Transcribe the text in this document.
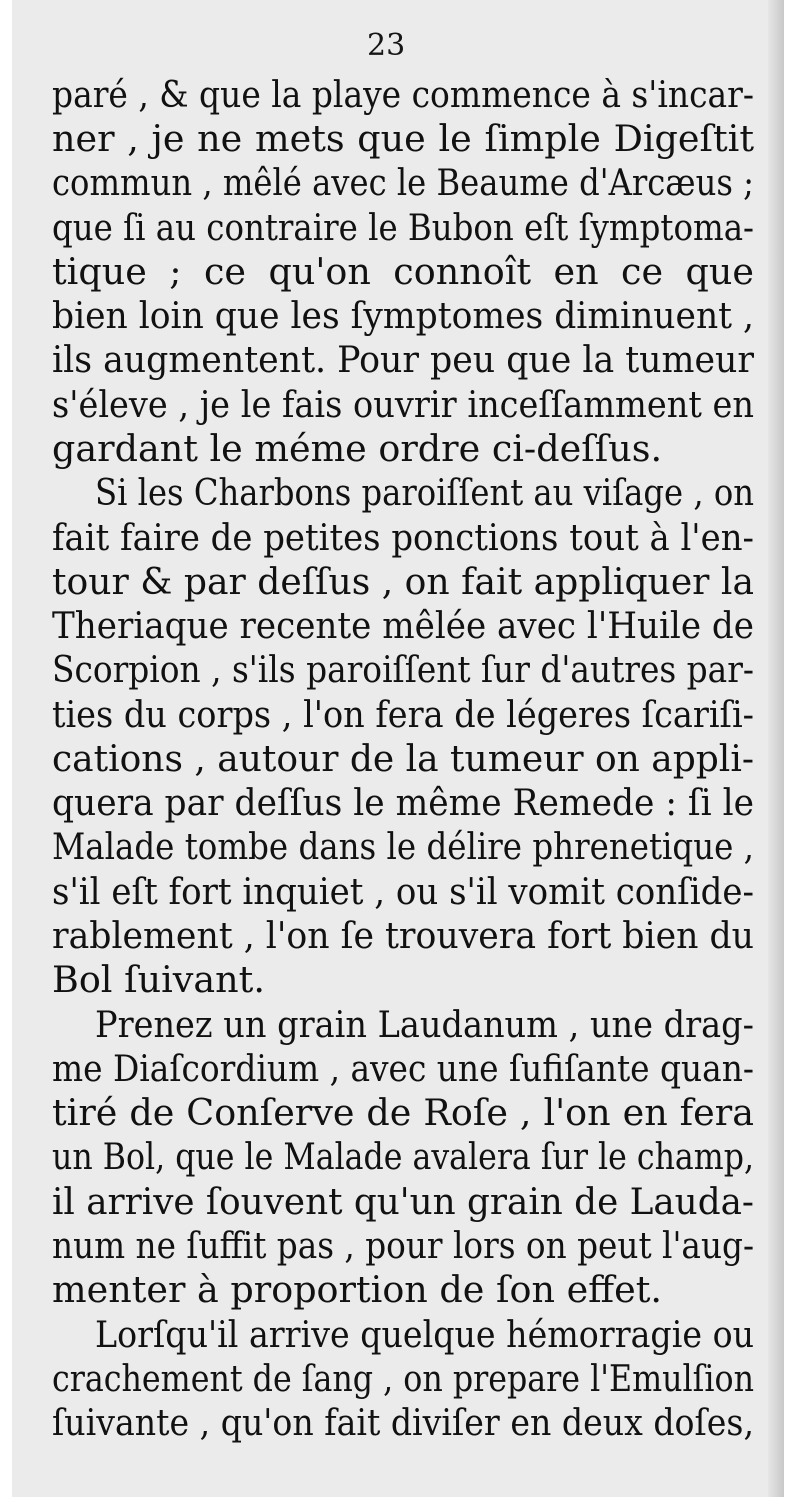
23
paré , & que la playe commence à s'incar-
ner , je ne mets que le ſimple Digeſtit
commun , mêlé avec le Beaume d'Arcæus ;
que ſi au contraire le Bubon eſt ſymptoma-
tique ; ce qu'on connoît en ce que
bien loin que les ſymptomes diminuent ,
ils augmentent. Pour peu que la tumeur
s'éleve , je le fais ouvrir inceſſamment en
gardant le méme ordre ci-deſſus.
Si les Charbons paroiſſent au viſage , on
fait faire de petites ponctions tout à l'en-
tour & par deſſus , on fait appliquer la
Theriaque recente mêlée avec l'Huile de
Scorpion , s'ils paroiſſent ſur d'autres par-
ties du corps , l'on fera de légeres ſcariſi-
cations , autour de la tumeur on appli-
quera par deſſus le même Remede : ſi le
Malade tombe dans le délire phrenetique ,
s'il eſt fort inquiet , ou s'il vomit conſide-
rablement , l'on ſe trouvera fort bien du
Bol ſuivant.
Prenez un grain Laudanum , une drag-
me Diaſcordium , avec une ſufiſante quan-
tiré de Conſerve de Roſe , l'on en fera
un Bol, que le Malade avalera ſur le champ,
il arrive ſouvent qu'un grain de Lauda-
num ne ſuffit pas , pour lors on peut l'aug-
menter à proportion de ſon effet.
Lorſqu'il arrive quelque hémorragie ou
crachement de ſang , on prepare l'Emulſion
ſuivante , qu'on fait diviſer en deux doſes,
